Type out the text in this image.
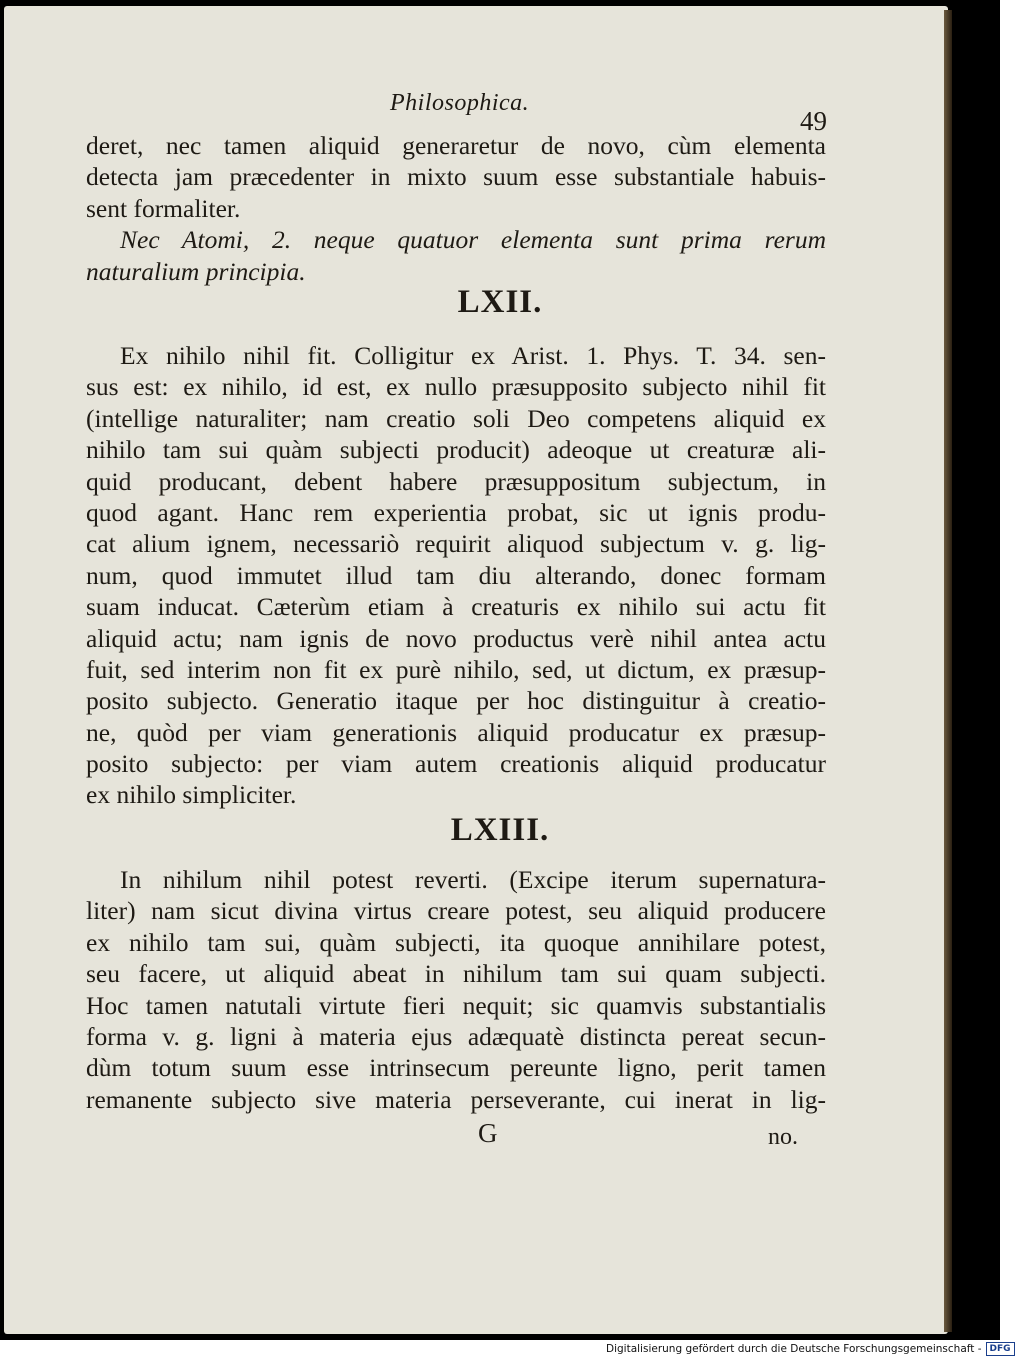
Philosophica.
49
deret, nec tamen aliquid generaretur de novo, cùm elementa
detecta jam præcedenter in mixto suum esse substantiale habuis-
sent formaliter.
Nec Atomi, 2. neque quatuor elementa sunt prima rerum
naturalium principia.
LXII.
Ex nihilo nihil fit. Colligitur ex Arist. 1. Phys. T. 34. sen-
sus est: ex nihilo, id est, ex nullo præsupposito subjecto nihil fit
(intellige naturaliter; nam creatio soli Deo competens aliquid ex
nihilo tam sui quàm subjecti producit) adeoque ut creaturæ ali-
quid producant, debent habere præsuppositum subjectum, in
quod agant. Hanc rem experientia probat, sic ut ignis produ-
cat alium ignem, necessariò requirit aliquod subjectum v. g. lig-
num, quod immutet illud tam diu alterando, donec formam
suam inducat. Cæterùm etiam à creaturis ex nihilo sui actu fit
aliquid actu; nam ignis de novo productus verè nihil antea actu
fuit, sed interim non fit ex purè nihilo, sed, ut dictum, ex præsup-
posito subjecto. Generatio itaque per hoc distinguitur à creatio-
ne, quòd per viam generationis aliquid producatur ex præsup-
posito subjecto: per viam autem creationis aliquid producatur
ex nihilo simpliciter.
LXIII.
In nihilum nihil potest reverti. (Excipe iterum supernatura-
liter) nam sicut divina virtus creare potest, seu aliquid producere
ex nihilo tam sui, quàm subjecti, ita quoque annihilare potest,
seu facere, ut aliquid abeat in nihilum tam sui quam subjecti.
Hoc tamen natutali virtute fieri nequit; sic quamvis substantialis
forma v. g. ligni à materia ejus adæquatè distincta pereat secun-
dùm totum suum esse intrinsecum pereunte ligno, perit tamen
remanente subjecto sive materia perseverante, cui inerat in lig-
G	no.
Digitalisierung gefördert durch die Deutsche Forschungsgemeinschaft - DFG
